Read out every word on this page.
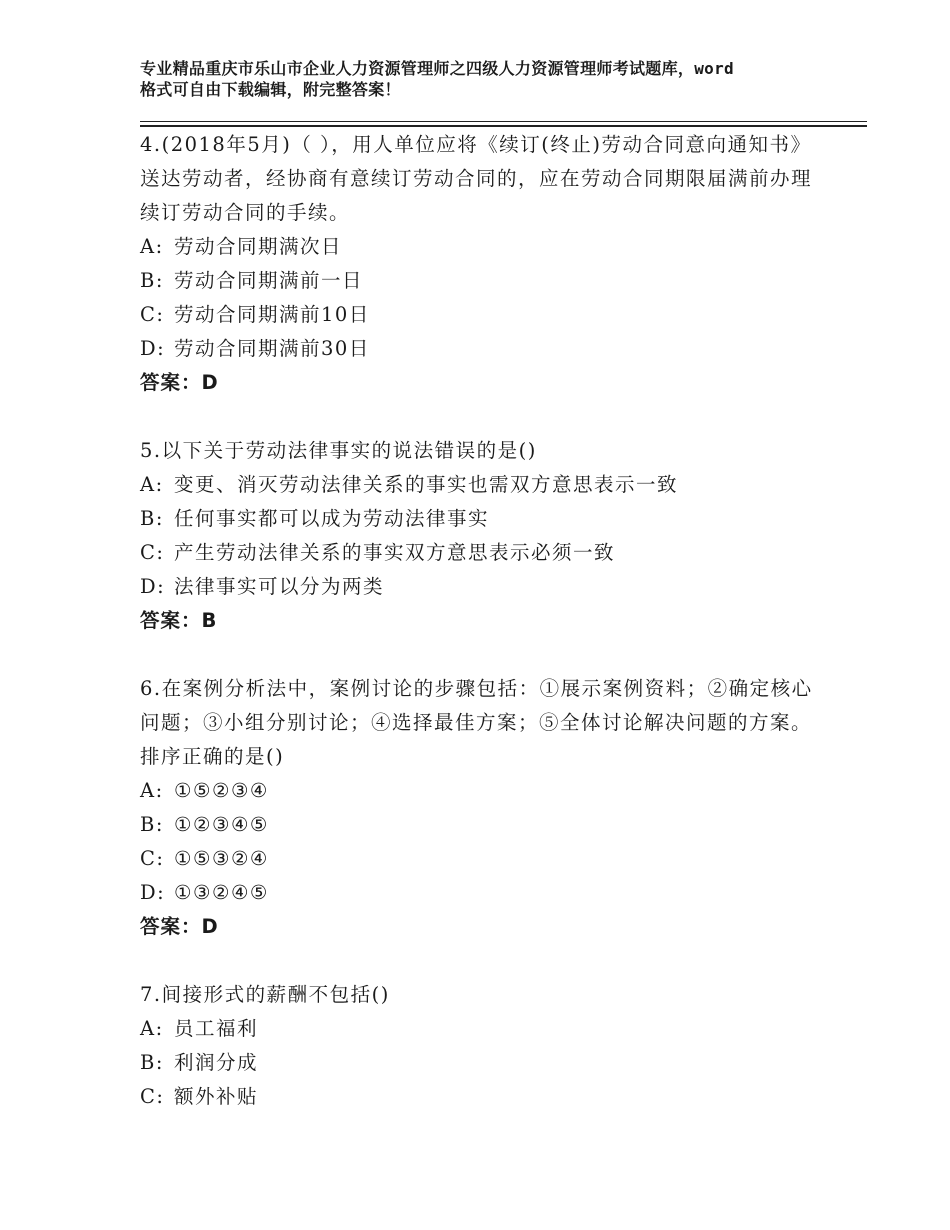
专业精品重庆市乐山市企业人力资源管理师之四级人力资源管理师考试题库，word
格式可自由下载编辑，附完整答案！

4.(2018年5月)（ ），用人单位应将《续订(终止)劳动合同意向通知书》送达劳动者，经协商有意续订劳动合同的，应在劳动合同期限届满前办理续订劳动合同的手续。

A: 劳动合同期满次日
B: 劳动合同期满前一日
C: 劳动合同期满前10日
D: 劳动合同期满前30日

答案：D

5.以下关于劳动法律事实的说法错误的是()

A: 变更、消灭劳动法律关系的事实也需双方意思表示一致
B: 任何事实都可以成为劳动法律事实
C: 产生劳动法律关系的事实双方意思表示必须一致
D: 法律事实可以分为两类

答案：B

6.在案例分析法中，案例讨论的步骤包括：①展示案例资料；②确定核心问题；③小组分别讨论；④选择最佳方案；⑤全体讨论解决问题的方案。排序正确的是()

A: ①⑤②③④
B: ①②③④⑤
C: ①⑤③②④
D: ①③②④⑤

答案：D

7.间接形式的薪酬不包括()

A: 员工福利
B: 利润分成
C: 额外补贴
